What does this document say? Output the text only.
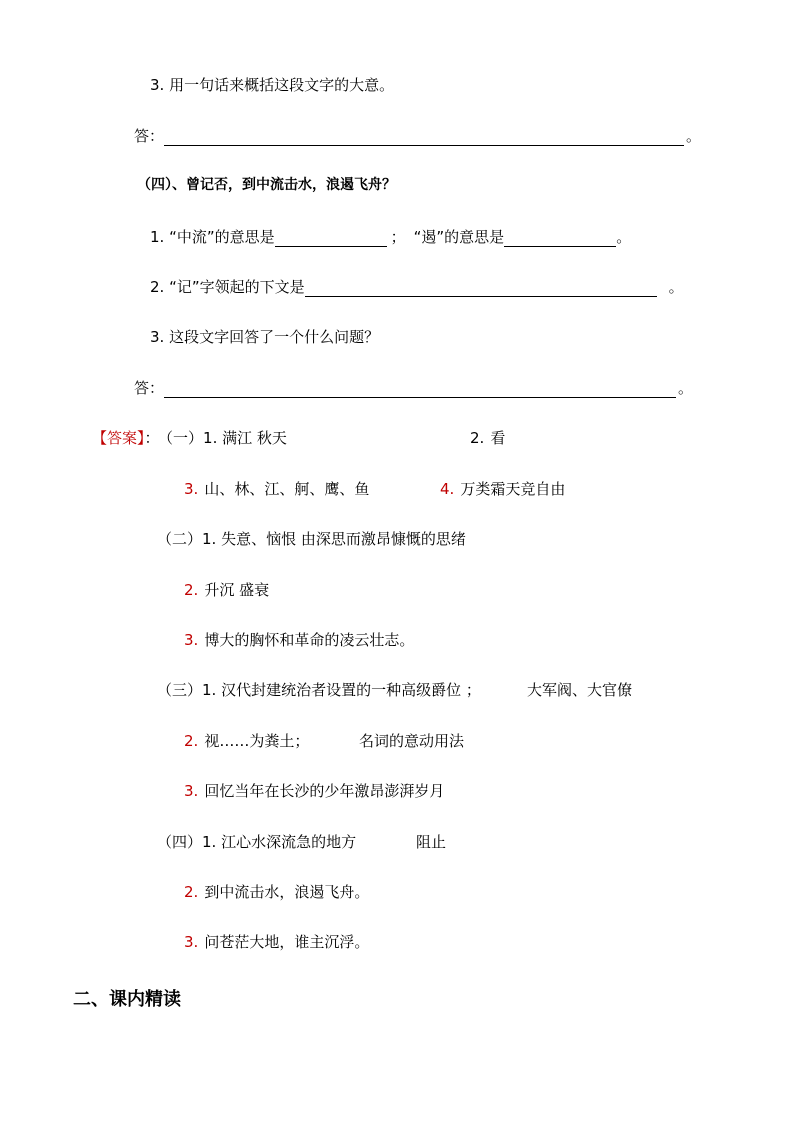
3. 用一句话来概括这段文字的大意。
答：	。
（四）、曾记否，到中流击水，浪遏飞舟？
1. “中流”的意思是	； “遏”的意思是	。
2. “记”字领起的下文是	。
3. 这段文字回答了一个什么问题？
答：	。
【答案】： （一）1. 满江 秋天	2. 看
3. 山、林、江、舸、鹰、鱼	4. 万类霜天竞自由
（二）1. 失意、恼恨 由深思而激昂慷慨的思绪
2. 升沉 盛衰
3. 博大的胸怀和革命的凌云壮志。
（三）1. 汉代封建统治者设置的一种高级爵位 ；	大军阀、大官僚
2. 视……为粪土；	名词的意动用法
3. 回忆当年在长沙的少年激昂澎湃岁月
（四）1. 江心水深流急的地方	阻止
2. 到中流击水，浪遏飞舟。
3. 问苍茫大地，谁主沉浮。
二、课内精读
